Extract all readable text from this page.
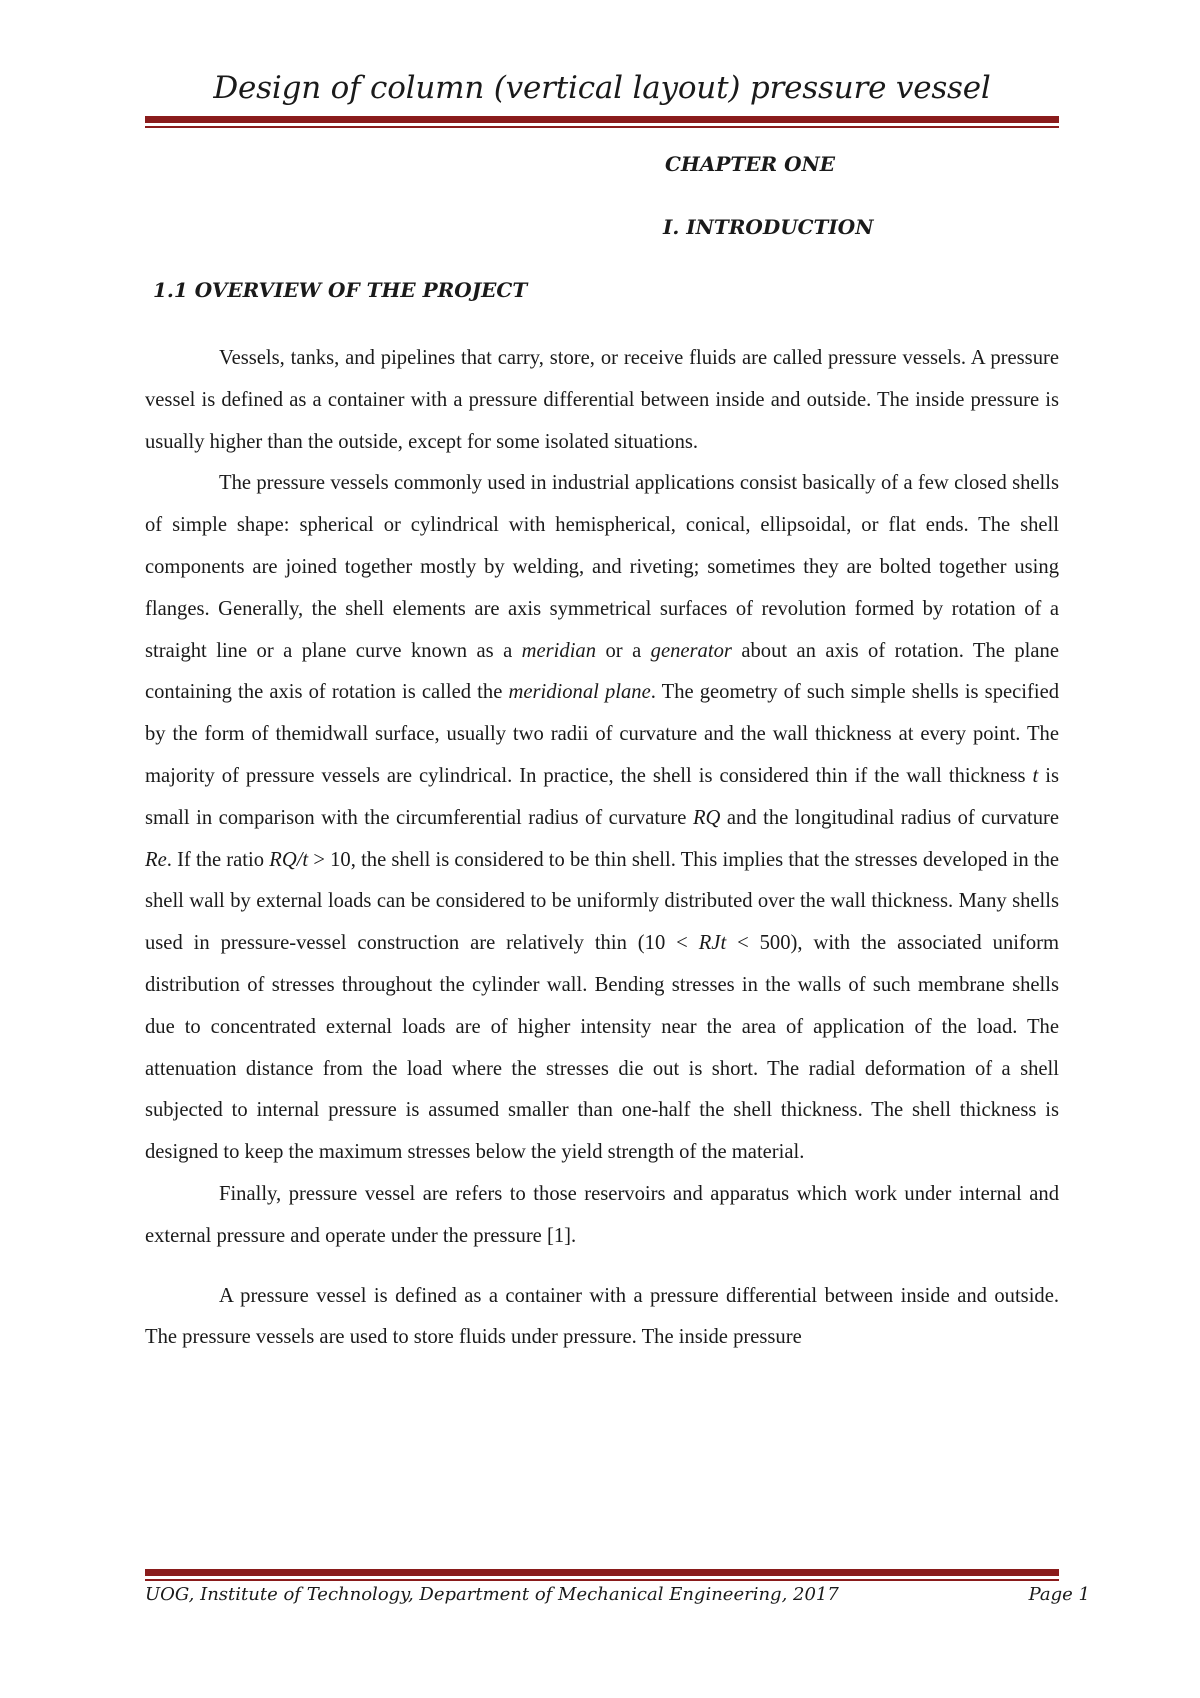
Design of column (vertical layout) pressure vessel
CHAPTER ONE
I. INTRODUCTION
1.1 OVERVIEW OF THE PROJECT

Vessels, tanks, and pipelines that carry, store, or receive fluids are called pressure vessels. A pressure vessel is defined as a container with a pressure differential between inside and outside. The inside pressure is usually higher than the outside, except for some isolated situations.

The pressure vessels commonly used in industrial applications consist basically of a few closed shells of simple shape: spherical or cylindrical with hemispherical, conical, ellipsoidal, or flat ends. The shell components are joined together mostly by welding, and riveting; sometimes they are bolted together using flanges. Generally, the shell elements are axis symmetrical surfaces of revolution formed by rotation of a straight line or a plane curve known as a meridian or a generator about an axis of rotation. The plane containing the axis of rotation is called the meridional plane. The geometry of such simple shells is specified by the form of themidwall surface, usually two radii of curvature and the wall thickness at every point. The majority of pressure vessels are cylindrical. In practice, the shell is considered thin if the wall thickness t is small in comparison with the circumferential radius of curvature RQ and the longitudinal radius of curvature Re. If the ratio RQ/t > 10, the shell is considered to be thin shell. This implies that the stresses developed in the shell wall by external loads can be considered to be uniformly distributed over the wall thickness. Many shells used in pressure-vessel construction are relatively thin (10 < RJt < 500), with the associated uniform distribution of stresses throughout the cylinder wall. Bending stresses in the walls of such membrane shells due to concentrated external loads are of higher intensity near the area of application of the load. The attenuation distance from the load where the stresses die out is short. The radial deformation of a shell subjected to internal pressure is assumed smaller than one-half the shell thickness. The shell thickness is designed to keep the maximum stresses below the yield strength of the material.

Finally, pressure vessel are refers to those reservoirs and apparatus which work under internal and external pressure and operate under the pressure [1].

A pressure vessel is defined as a container with a pressure differential between inside and outside. The pressure vessels are used to store fluids under pressure. The inside pressure

UOG, Institute of Technology, Department of Mechanical Engineering, 2017	Page 1
